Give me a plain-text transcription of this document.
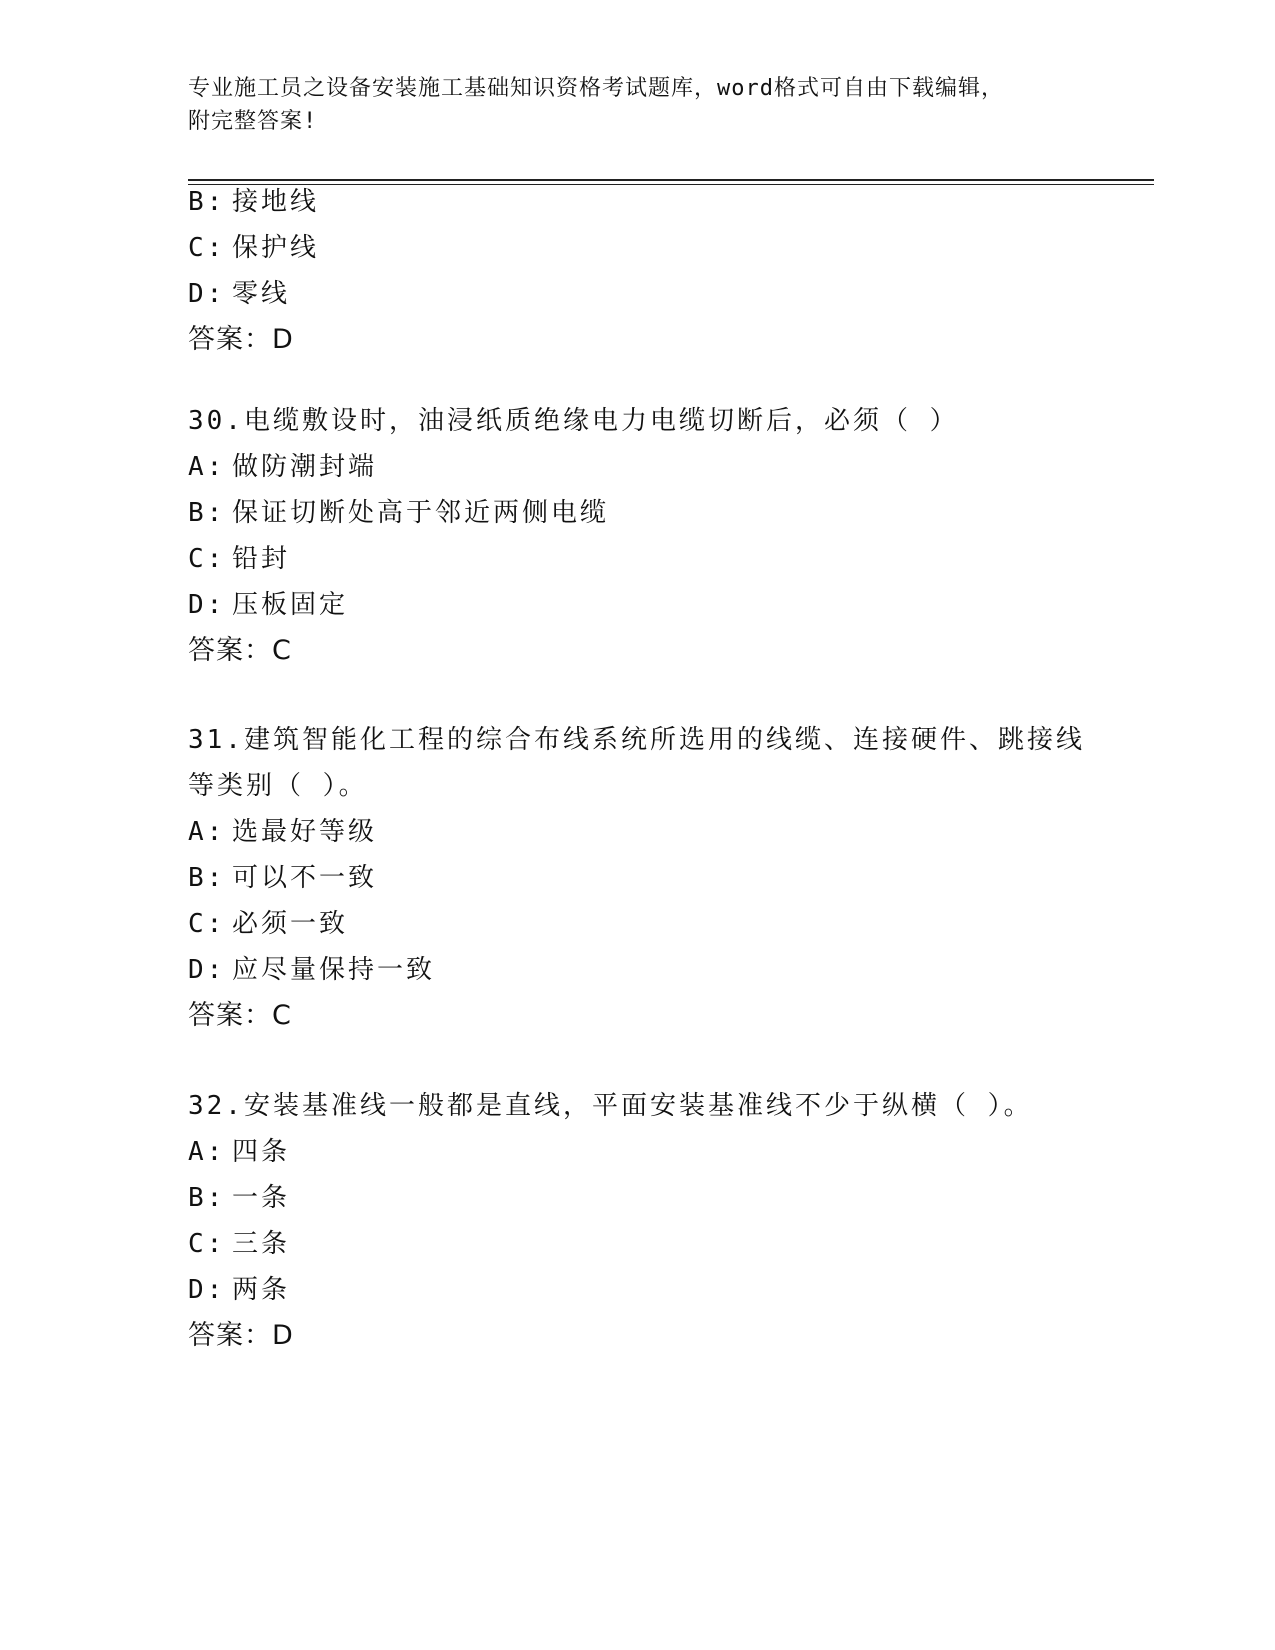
专业施工员之设备安装施工基础知识资格考试题库，word格式可自由下载编辑，
附完整答案!
B: 接地线
C: 保护线
D: 零线
答案：D
30.电缆敷设时，油浸纸质绝缘电力电缆切断后，必须（ ）
A: 做防潮封端
B: 保证切断处高于邻近两侧电缆
C: 铅封
D: 压板固定
答案：C
31.建筑智能化工程的综合布线系统所选用的线缆、连接硬件、跳接线
等类别（ ）。
A: 选最好等级
B: 可以不一致
C: 必须一致
D: 应尽量保持一致
答案：C
32.安装基准线一般都是直线，平面安装基准线不少于纵横（ ）。
A: 四条
B: 一条
C: 三条
D: 两条
答案：D
